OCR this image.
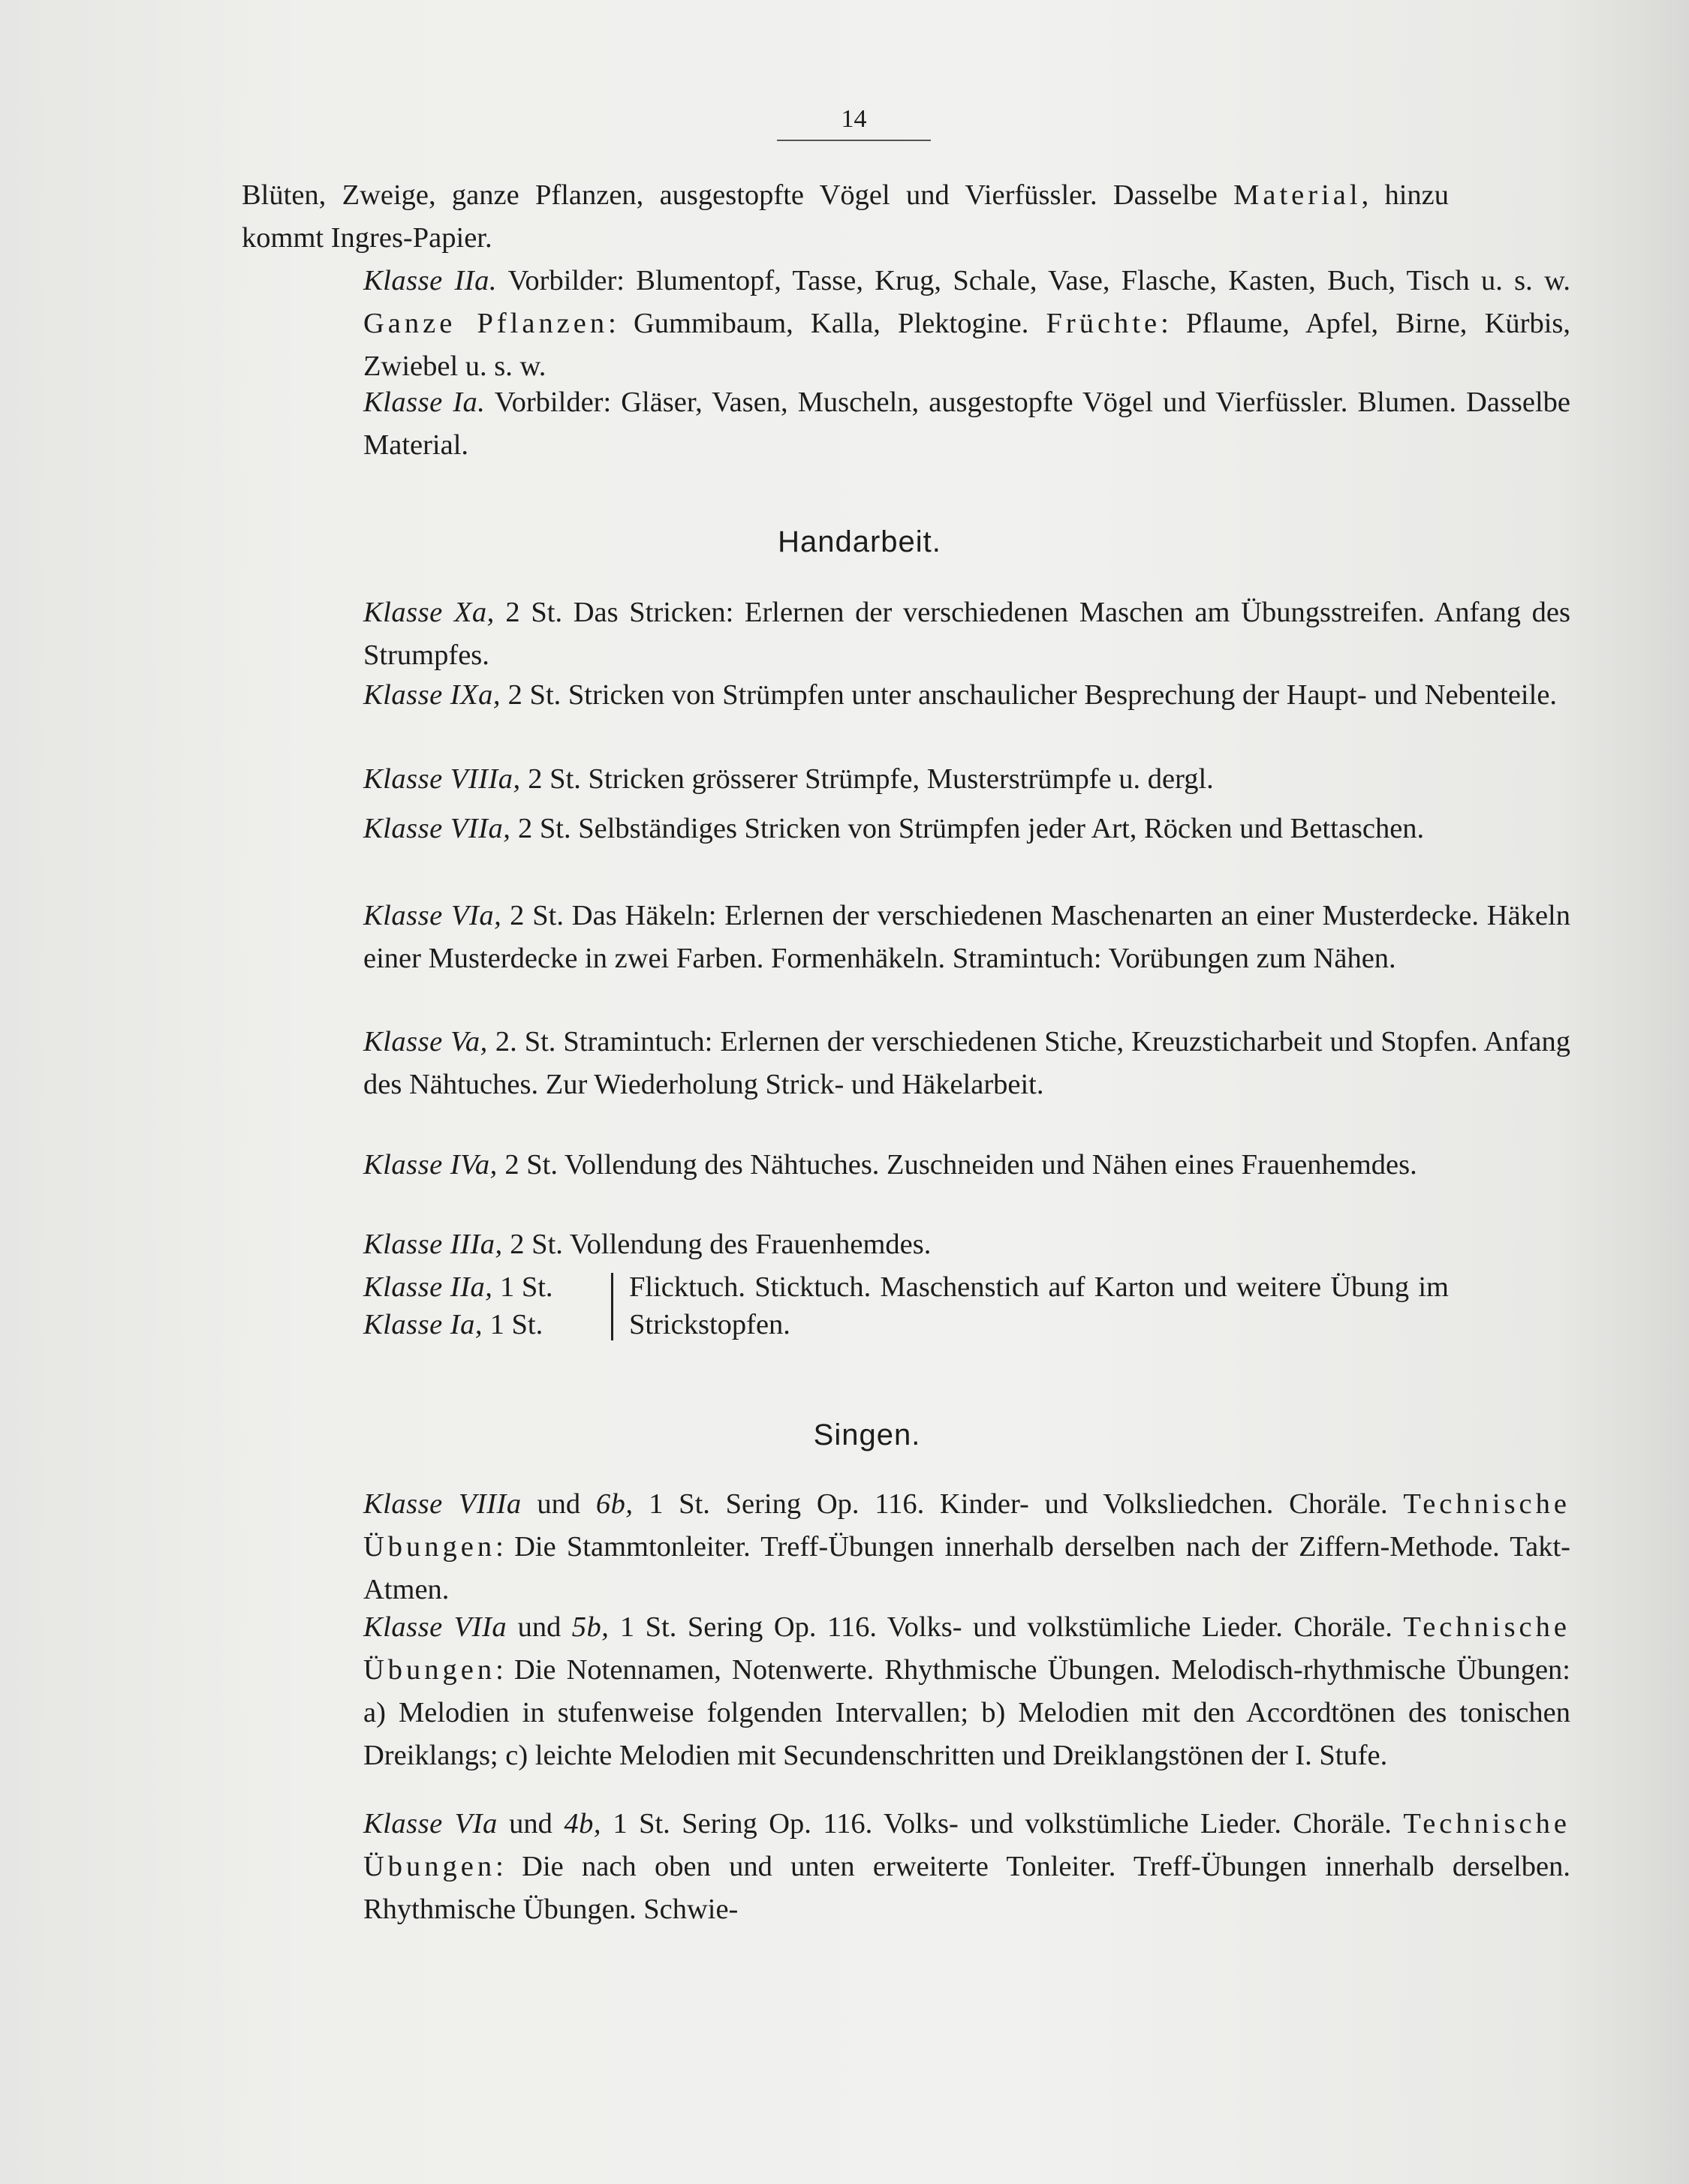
14

Blüten, Zweige, ganze Pflanzen, ausgestopfte Vögel und Vierfüssler. Dasselbe Material, hinzu kommt Ingres-Papier.

Klasse IIa. Vorbilder: Blumentopf, Tasse, Krug, Schale, Vase, Flasche, Kasten, Buch, Tisch u. s. w. Ganze Pflanzen: Gummibaum, Kalla, Plektogine. Früchte: Pflaume, Apfel, Birne, Kürbis, Zwiebel u. s. w.

Klasse Ia. Vorbilder: Gläser, Vasen, Muscheln, ausgestopfte Vögel und Vierfüssler. Blumen. Dasselbe Material.

Handarbeit.

Klasse Xa, 2 St. Das Stricken: Erlernen der verschiedenen Maschen am Übungsstreifen. Anfang des Strumpfes.

Klasse IXa, 2 St. Stricken von Strümpfen unter anschaulicher Besprechung der Haupt- und Nebenteile.

Klasse VIIIa, 2 St. Stricken grösserer Strümpfe, Musterstrümpfe u. dergl.

Klasse VIIa, 2 St. Selbständiges Stricken von Strümpfen jeder Art, Röcken und Bettaschen.

Klasse VIa, 2 St. Das Häkeln: Erlernen der verschiedenen Maschenarten an einer Musterdecke. Häkeln einer Musterdecke in zwei Farben. Formenhäkeln. Stramintuch: Vorübungen zum Nähen.

Klasse Va, 2. St. Stramintuch: Erlernen der verschiedenen Stiche, Kreuzsticharbeit und Stopfen. Anfang des Nähtuches. Zur Wiederholung Strick- und Häkelarbeit.

Klasse IVa, 2 St. Vollendung des Nähtuches. Zuschneiden und Nähen eines Frauenhemdes.

Klasse IIIa, 2 St. Vollendung des Frauenhemdes.

Klasse IIa, 1 St.
Klasse Ia, 1 St.
Flicktuch. Sticktuch. Maschenstich auf Karton und weitere Übung im Strickstopfen.
Singen.

Klasse VIIIa und 6b, 1 St. Sering Op. 116. Kinder- und Volksliedchen. Choräle. Technische Übungen: Die Stammtonleiter. Treff-Übungen innerhalb derselben nach der Ziffern-Methode. Takt-Atmen.

Klasse VIIa und 5b, 1 St. Sering Op. 116. Volks- und volkstümliche Lieder. Choräle. Technische Übungen: Die Notennamen, Notenwerte. Rhythmische Übungen. Melodisch-rhythmische Übungen: a) Melodien in stufenweise folgenden Intervallen; b) Melodien mit den Accordtönen des tonischen Dreiklangs; c) leichte Melodien mit Secundenschritten und Dreiklangstönen der I. Stufe.

Klasse VIa und 4b, 1 St. Sering Op. 116. Volks- und volkstümliche Lieder. Choräle. Technische Übungen: Die nach oben und unten erweiterte Tonleiter. Treff-Übungen innerhalb derselben. Rhythmische Übungen. Schwie-
